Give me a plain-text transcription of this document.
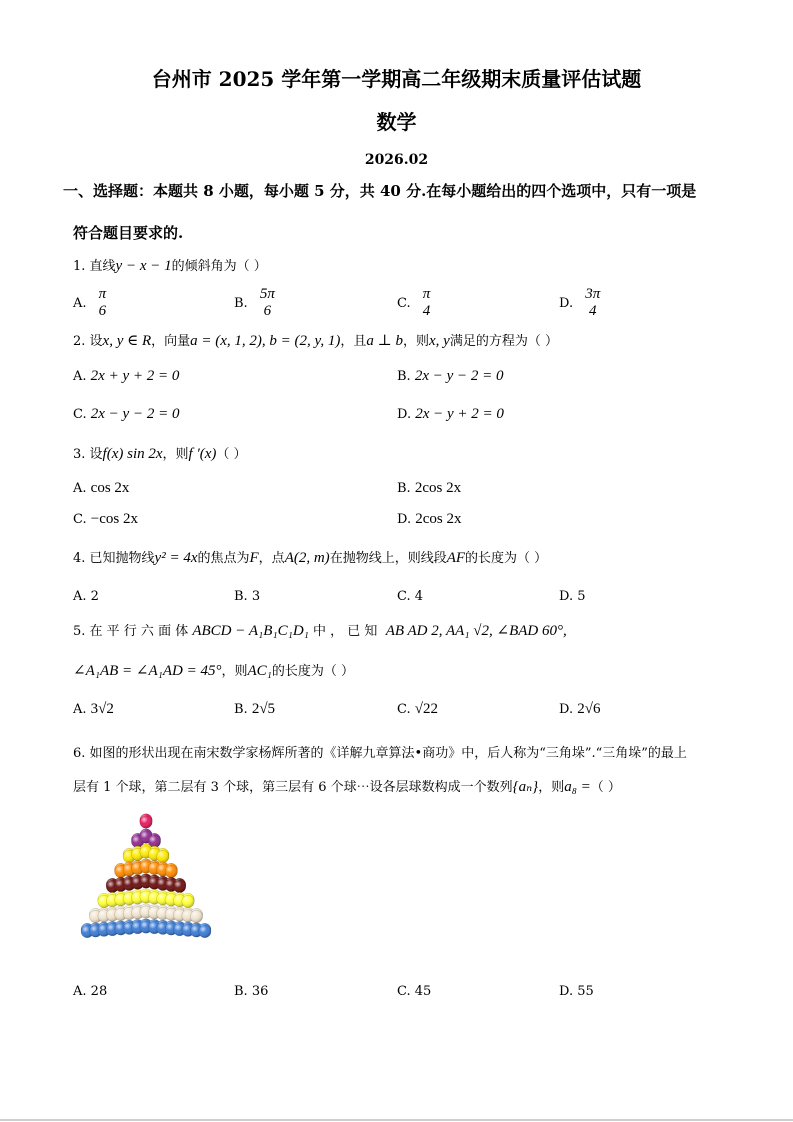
台州市 2025 学年第一学期高二年级期末质量评估试题
数学
2026.02
一、选择题：本题共 8 小题，每小题 5 分，共 40 分.在每小题给出的四个选项中，只有一项是
符合题目要求的.
1. 直线y − x − 1的倾斜角为（ ）
A.
π
6	B.
5π
6	C.
π
4	D.
3π
4
2. 设x, y ∈ R，向量a = (x, 1, 2), b = (2, y, 1)，且a ⊥ b，则x, y满足的方程为（ ）
A. 2x + y + 2 = 0	B. 2x − y − 2 = 0
C. 2x − y − 2 = 0	D. 2x − y + 2 = 0
3. 设f(x) sin 2x，则f ′(x)（ ）
A. cos 2x	B. 2cos 2x
C. −cos 2x	D. 2cos 2x
4. 已知抛物线y² = 4x的焦点为F，点A(2, m)在抛物线上，则线段AF的长度为（ ）
A. 2	B. 3	C. 4	D. 5
5. 在 平 行 六 面 体 ABCD − A₁B₁C₁D₁ 中 ， 已 知 AB AD 2, AA₁ √2, ∠BAD 60°,
∠A₁AB = ∠A₁AD = 45°，则AC₁的长度为（ ）
A. 3√2	B. 2√5	C. √22	D. 2√6
6. 如图的形状出现在南宋数学家杨辉所著的《详解九章算法•商功》中，后人称为“三角垛”.“三角垛”的最上
层有 1 个球，第二层有 3 个球，第三层有 6 个球⋯设各层球数构成一个数列{aₙ}，则a₈ =（ ）
A. 28	B. 36	C. 45	D. 55
